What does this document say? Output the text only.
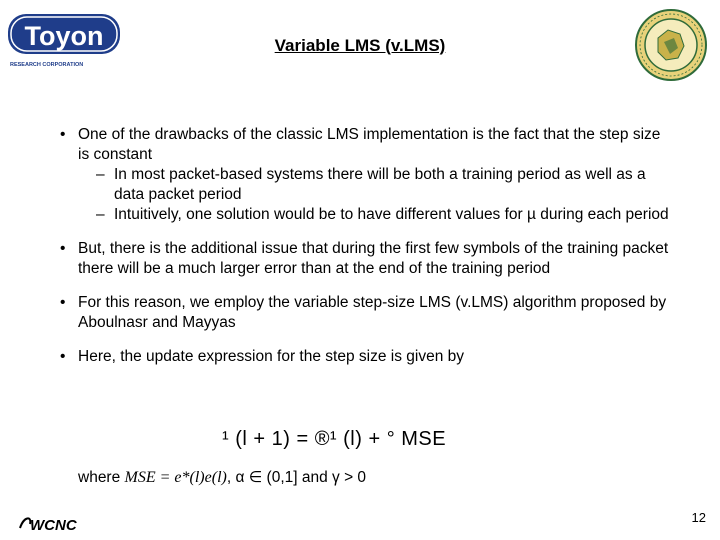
Toyon
RESEARCH CORPORATION
Variable LMS (v.LMS)
• One of the drawbacks of the classic LMS implementation is the fact that the step size is constant
– In most packet-based systems there will be both a training period as well as a data packet period
– Intuitively, one solution would be to have different values for µ during each period
• But, there is the additional issue that during the first few symbols of the training packet there will be a much larger error than at the end of the training period
• For this reason, we employ the variable step-size LMS (v.LMS) algorithm proposed by Aboulnasr and Mayyas
• Here, the update expression for the step size is given by
¹ (l + 1) = ®¹ (l) + ° MSE
where MSE = e*(l)e(l), α ∈ (0,1] and γ > 0
WCNC	12
